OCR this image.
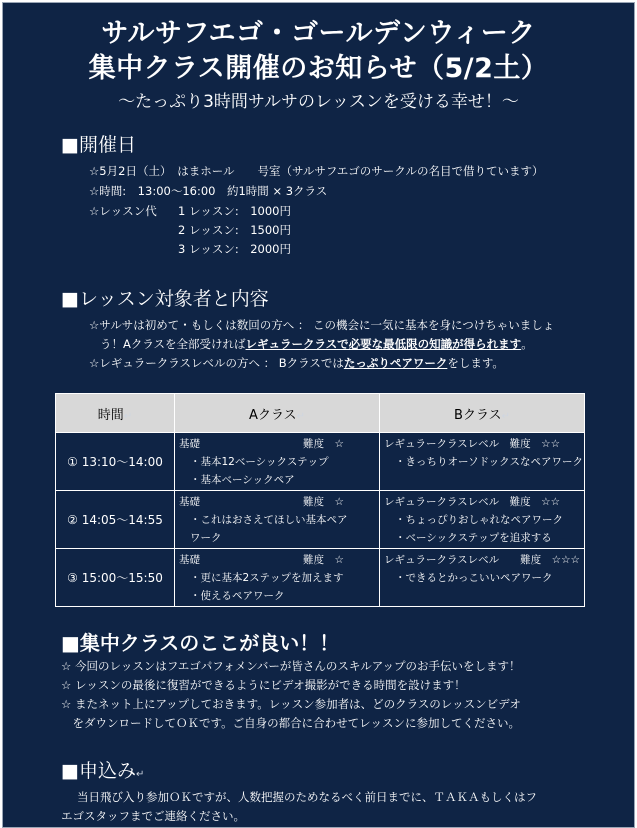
サルサフエゴ・ゴールデンウィーク
集中クラス開催のお知らせ（5/2土）
～たっぷり3時間サルサのレッスンを受ける幸せ！～
■開催日
☆5月2日（土）　はまホール　　号室（サルサフエゴのサークルの名目で借りています）
☆時間:　13:00～16:00　約1時間 × 3クラス
☆レッスン代 1 レッスン:　1000円
2 レッスン:　1500円
3 レッスン:　2000円
■レッスン対象者と内容
☆サルサは初めて・もしくは数回の方へ ： この機会に一気に基本を身につけちゃいましょ
う！Aクラスを全部受ければレギュラークラスで必要な最低限の知識が得られます。
☆レギュラークラスレベルの方へ ： Bクラスではたっぷりペアワークをします。
時間↵	Aクラス↵	Bクラス↵
① 13:10～14:00	基礎 難度　☆
・基本12ベーシックステップ
・基本ベーシックペア	レギュラークラスレベル　難度　☆☆
・きっちりオーソドックスなペアワーク

② 14:05～14:55	基礎 難度　☆
・これはおさえてほしい基本ペア
ワーク	レギュラークラスレベル　難度　☆☆
・ちょっぴりおしゃれなペアワーク
・ベーシックステップを追求する

③ 15:00～15:50	基礎 難度　☆
・更に基本2ステップを加えます
・使えるペアワーク	レギュラークラスレベル　　難度　☆☆☆
・できるとかっこいいペアワーク
■集中クラスのここが良い！！
☆ 今回のレッスンはフエゴパフォメンバーが皆さんのスキルアップのお手伝いをします！
☆ レッスンの最後に復習ができるようにビデオ撮影ができる時間を設けます！
☆ またネット上にアップしておきます。レッスン参加者は、どのクラスのレッスンビデオ
　をダウンロードしてＯＫです。ご自身の都合に合わせてレッスンに参加してください。
■申込み↵
当日飛び入り参加ＯＫですが、人数把握のためなるべく前日までに、ＴＡＫＡもしくはフ
エゴスタッフまでご連絡ください。
